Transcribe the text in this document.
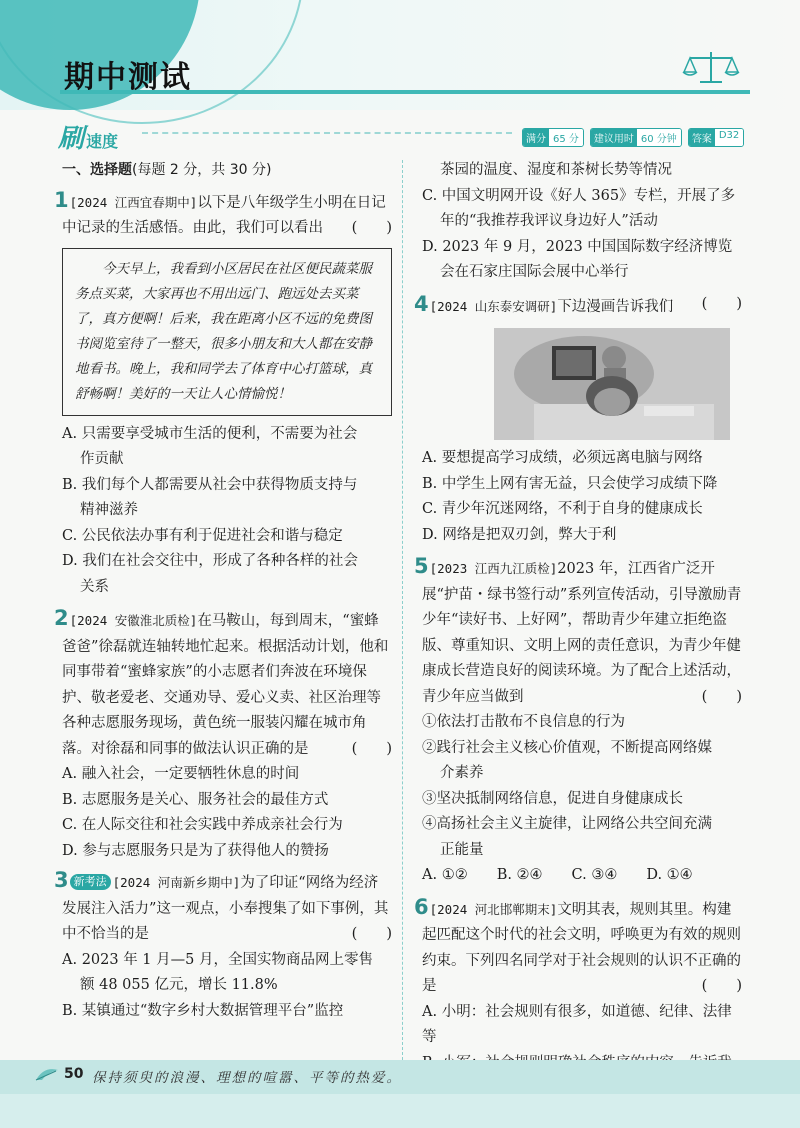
期中测试
刷速度	满分 65 分	建议用时 60 分钟	答案 D32
一、选择题(每题 2 分，共 30 分)
1[2024 江西宜春期中]以下是八年级学生小明在日记中记录的生活感悟。由此，我们可以看出 (　　)
今天早上，我看到小区居民在社区便民蔬菜服务点买菜，大家再也不用出远门、跑远处去买菜了，真方便啊！后来，我在距离小区不远的免费图书阅览室待了一整天，很多小朋友和大人都在安静地看书。晚上，我和同学去了体育中心打篮球，真舒畅啊！美好的一天让人心情愉悦！
A. 只需要享受城市生活的便利，不需要为社会
作贡献
B. 我们每个人都需要从社会中获得物质支持与
精神滋养
C. 公民依法办事有利于促进社会和谐与稳定
D. 我们在社会交往中，形成了各种各样的社会
关系
2[2024 安徽淮北质检]在马鞍山，每到周末，“蜜蜂爸爸”徐磊就连轴转地忙起来。根据活动计划，他和同事带着“蜜蜂家族”的小志愿者们奔波在环境保护、敬老爱老、交通劝导、爱心义卖、社区治理等各种志愿服务现场，黄色统一服装闪耀在城市角落。对徐磊和同事的做法认识正确的是	(　　)
A. 融入社会，一定要牺牲休息的时间
B. 志愿服务是关心、服务社会的最佳方式
C. 在人际交往和社会实践中养成亲社会行为
D. 参与志愿服务只是为了获得他人的赞扬
3 新考法 [2024 河南新乡期中]为了印证“网络为经济发展注入活力”这一观点，小奉搜集了如下事例，其中不恰当的是	(　　)
A. 2023 年 1 月—5 月，全国实物商品网上零售
额 48 055 亿元，增长 11.8%
B. 某镇通过“数字乡村大数据管理平台”监控
茶园的温度、湿度和茶树长势等情况
C. 中国文明网开设《好人 365》专栏，开展了多
年的“我推荐我评议身边好人”活动
D. 2023 年 9 月，2023 中国国际数字经济博览
会在石家庄国际会展中心举行
4[2024 山东泰安调研]下边漫画告诉我们 (　　)
A. 要想提高学习成绩，必须远离电脑与网络
B. 中学生上网有害无益，只会使学习成绩下降
C. 青少年沉迷网络，不利于自身的健康成长
D. 网络是把双刃剑，弊大于利
5[2023 江西九江质检]2023 年，江西省广泛开展“护苗・绿书签行动”系列宣传活动，引导激励青少年“读好书、上好网”，帮助青少年建立拒绝盗版、尊重知识、文明上网的责任意识，为青少年健康成长营造良好的阅读环境。为了配合上述活动，青少年应当做到	(　　)
①依法打击散布不良信息的行为
②践行社会主义核心价值观，不断提高网络媒
介素养
③坚决抵制网络信息，促进自身健康成长
④高扬社会主义主旋律，让网络公共空间充满
正能量
A. ①②　　B. ②④　　C. ③④　　D. ①④
6[2024 河北邯郸期末]文明其表，规则其里。构建起匹配这个时代的社会文明，呼唤更为有效的规则约束。下列四名同学对于社会规则的认识不正确的是	(　　)
A. 小明：社会规则有很多，如道德、纪律、法律等
50 保持须臾的浪漫、理想的喧嚣、平等的热爱。
